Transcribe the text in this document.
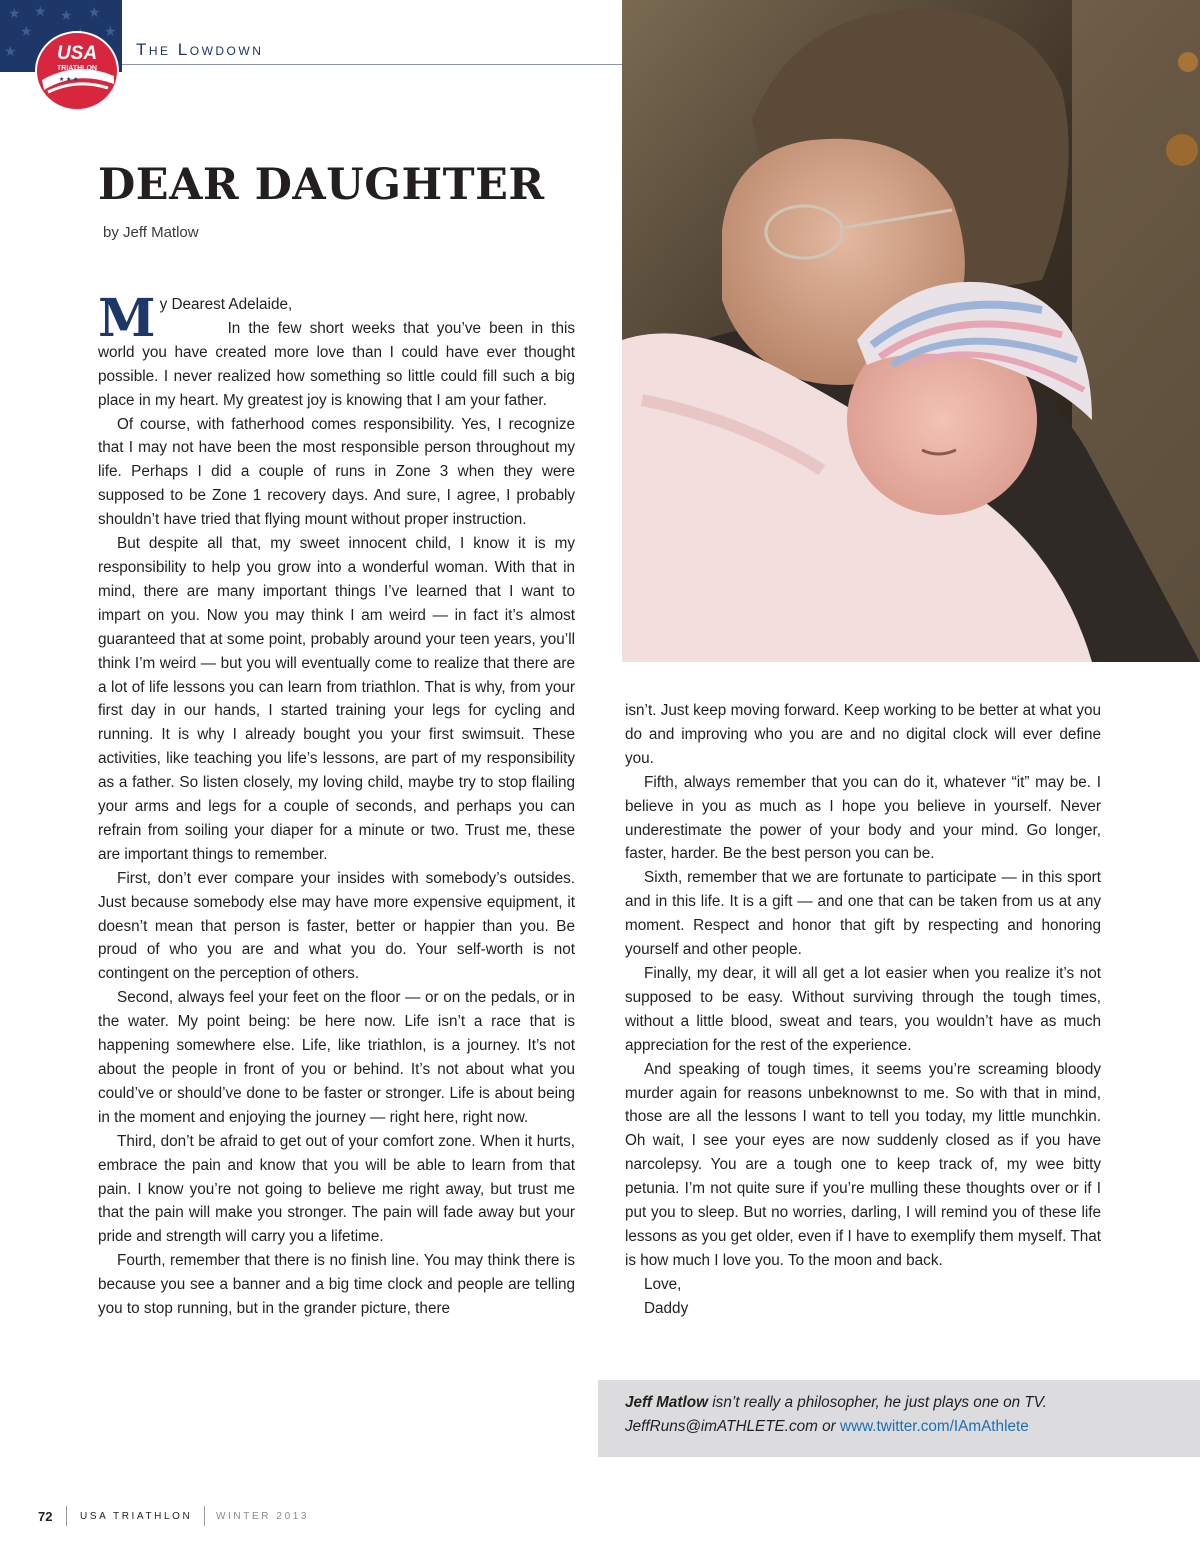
★ ★ ★ ★
★
★
★ USA
TRIATHLON
★ ★ ★
The Lowdown
DEAR DAUGHTER

by Jeff Matlow

My Dearest Adelaide,

In the few short weeks that you’ve been in this world you have created more love than I could have ever thought possible. I never realized how something so little could fill such a big place in my heart. My greatest joy is knowing that I am your father.

Of course, with fatherhood comes responsibility. Yes, I recognize that I may not have been the most responsible person throughout my life. Perhaps I did a couple of runs in Zone 3 when they were supposed to be Zone 1 recovery days. And sure, I agree, I probably shouldn’t have tried that flying mount without proper instruction.

But despite all that, my sweet innocent child, I know it is my responsibility to help you grow into a wonderful woman. With that in mind, there are many important things I’ve learned that I want to impart on you. Now you may think I am weird — in fact it’s almost guaranteed that at some point, probably around your teen years, you’ll think I’m weird — but you will eventually come to realize that there are a lot of life lessons you can learn from triathlon. That is why, from your first day in our hands, I started training your legs for cycling and running. It is why I already bought you your first swimsuit. These activities, like teaching you life’s lessons, are part of my responsibility as a father. So listen closely, my loving child, maybe try to stop flailing your arms and legs for a couple of seconds, and perhaps you can refrain from soiling your diaper for a minute or two. Trust me, these are important things to remember.

First, don’t ever compare your insides with somebody’s outsides. Just because somebody else may have more expensive equipment, it doesn’t mean that person is faster, better or happier than you. Be proud of who you are and what you do. Your self-worth is not contingent on the perception of others.

Second, always feel your feet on the floor — or on the pedals, or in the water. My point being: be here now. Life isn’t a race that is happening somewhere else. Life, like triathlon, is a journey. It’s not about the people in front of you or behind. It’s not about what you could’ve or should’ve done to be faster or stronger. Life is about being in the moment and enjoying the journey — right here, right now.

Third, don’t be afraid to get out of your comfort zone. When it hurts, embrace the pain and know that you will be able to learn from that pain. I know you’re not going to believe me right away, but trust me that the pain will make you stronger. The pain will fade away but your pride and strength will carry you a lifetime.

Fourth, remember that there is no finish line. You may think there is because you see a banner and a big time clock and people are telling you to stop running, but in the grander picture, there

isn’t. Just keep moving forward. Keep working to be better at what you do and improving who you are and no digital clock will ever define you.

Fifth, always remember that you can do it, whatever “it” may be. I believe in you as much as I hope you believe in yourself. Never underestimate the power of your body and your mind. Go longer, faster, harder. Be the best person you can be.

Sixth, remember that we are fortunate to participate — in this sport and in this life. It is a gift — and one that can be taken from us at any moment. Respect and honor that gift by respecting and honoring yourself and other people.

Finally, my dear, it will all get a lot easier when you realize it’s not supposed to be easy. Without surviving through the tough times, without a little blood, sweat and tears, you wouldn’t have as much appreciation for the rest of the experience.

And speaking of tough times, it seems you’re screaming bloody murder again for reasons unbeknownst to me. So with that in mind, those are all the lessons I want to tell you today, my little munchkin. Oh wait, I see your eyes are now suddenly closed as if you have narcolepsy. You are a tough one to keep track of, my wee bitty petunia. I’m not quite sure if you’re mulling these thoughts over or if I put you to sleep. But no worries, darling, I will remind you of these life lessons as you get older, even if I have to exemplify them myself. That is how much I love you. To the moon and back.

Love,

Daddy

Jeff Matlow isn’t really a philosopher, he just plays one on TV.

JeffRuns@imATHLETE.com or www.twitter.com/IAmAthlete

72	USA TRIATHLON WINTER 2013
